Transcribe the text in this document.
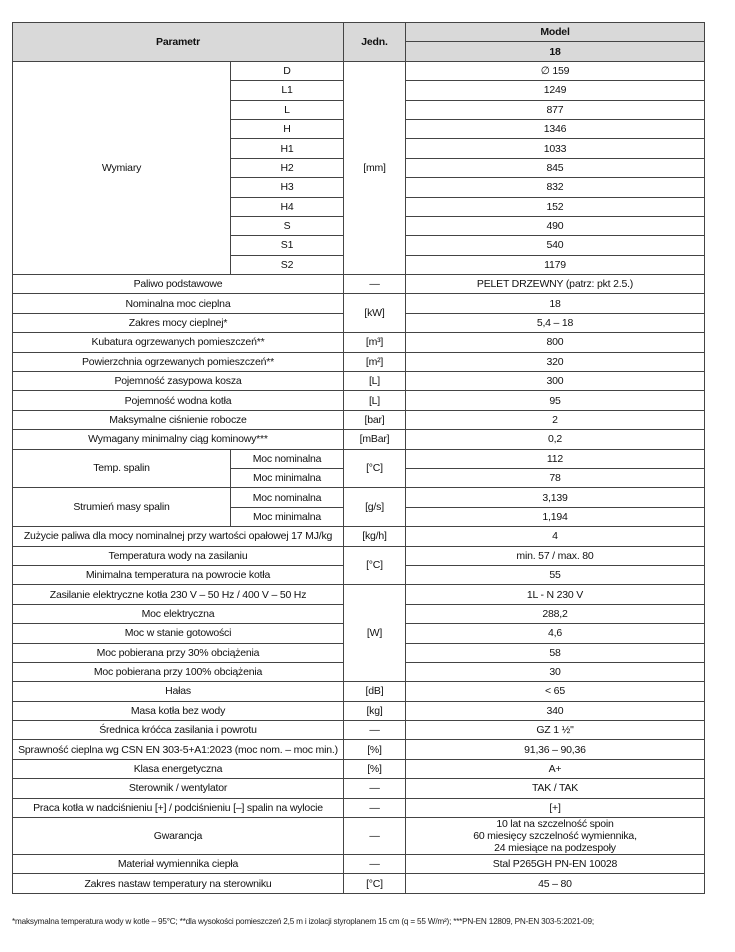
Parametr		Jedn.	Model
			18
Wymiary	D	[mm]	∅ 159
	L1		1249
	L		877
	H		1346
	H1		1033
	H2		845
	H3		832
	H4		152
	S		490
	S1		540
	S2		1179
Paliwo podstawowe		—	PELET DRZEWNY (patrz: pkt 2.5.)
Nominalna moc cieplna		[kW]	18
Zakres mocy cieplnej*			5,4 – 18
Kubatura ogrzewanych pomieszczeń**		[m³]	800
Powierzchnia ogrzewanych pomieszczeń**		[m²]	320
Pojemność zasypowa kosza		[L]	300
Pojemność wodna kotła		[L]	95
Maksymalne ciśnienie robocze		[bar]	2
Wymagany minimalny ciąg kominowy***		[mBar]	0,2
Temp. spalin	Moc nominalna	[°C]	112
	Moc minimalna		78
Strumień masy spalin	Moc nominalna	[g/s]	3,139
	Moc minimalna		1,194
Zużycie paliwa dla mocy nominalnej przy wartości opałowej 17 MJ/kg		[kg/h]	4
Temperatura wody na zasilaniu		[°C]	min. 57 / max. 80
Minimalna temperatura na powrocie kotła			55
Zasilanie elektryczne kotła 230 V – 50 Hz / 400 V – 50 Hz		[W]	1L - N 230 V
Moc elektryczna			288,2
Moc w stanie gotowości			4,6
Moc pobierana przy 30% obciążenia			58
Moc pobierana przy 100% obciążenia			30
Hałas		[dB]	< 65
Masa kotła bez wody		[kg]	340
Średnica króćca zasilania i powrotu		—	GZ 1 ½"
Sprawność cieplna wg CSN EN 303-5+A1:2023 (moc nom. – moc min.)		[%]	91,36 – 90,36
Klasa energetyczna		[%]	A+
Sterownik / wentylator		—	TAK / TAK
Praca kotła w nadciśnieniu [+] / podciśnieniu [–] spalin na wylocie		—	[+]
Gwarancja		—	10 lat na szczelność spoin
60 miesięcy szczelność wymiennika,
24 miesiące na podzespoły

Materiał wymiennika ciepła		—	Stal P265GH PN-EN 10028
Zakres nastaw temperatury na sterowniku		[°C]	45 – 80
*maksymalna temperatura wody w kotle – 95°C; **dla wysokości pomieszczeń 2,5 m i izolacji styroplanem 15 cm (q = 55 W/m²); ***PN-EN 12809, PN-EN 303-5:2021-09;
